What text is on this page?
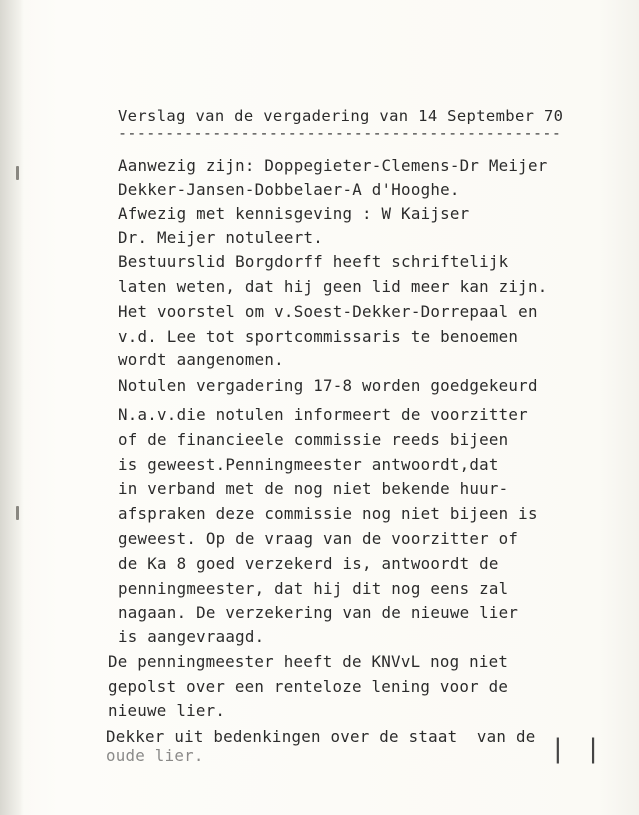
Verslag van de vergadering van 14 September 70
-----------------------------------------------
Aanwezig zijn: Doppegieter-Clemens-Dr Meijer
Dekker-Jansen-Dobbelaer-A d'Hooghe.
Afwezig met kennisgeving : W Kaijser
Dr. Meijer notuleert.
Bestuurslid Borgdorff heeft schriftelijk
laten weten, dat hij geen lid meer kan zijn.
Het voorstel om v.Soest-Dekker-Dorrepaal en
v.d. Lee tot sportcommissaris te benoemen
wordt aangenomen.
Notulen vergadering 17-8 worden goedgekeurd
N.a.v.die notulen informeert de voorzitter
of de financieele commissie reeds bijeen
is geweest.Penningmeester antwoordt,dat
in verband met de nog niet bekende huur-
afspraken deze commissie nog niet bijeen is
geweest. Op de vraag van de voorzitter of
de Ka 8 goed verzekerd is, antwoordt de
penningmeester, dat hij dit nog eens zal
nagaan. De verzekering van de nieuwe lier
is aangevraagd.
De penningmeester heeft de KNVvL nog niet
gepolst over een renteloze lening voor de
nieuwe lier.
Dekker uit bedenkingen over de staat  van de
oude lier.	| |
